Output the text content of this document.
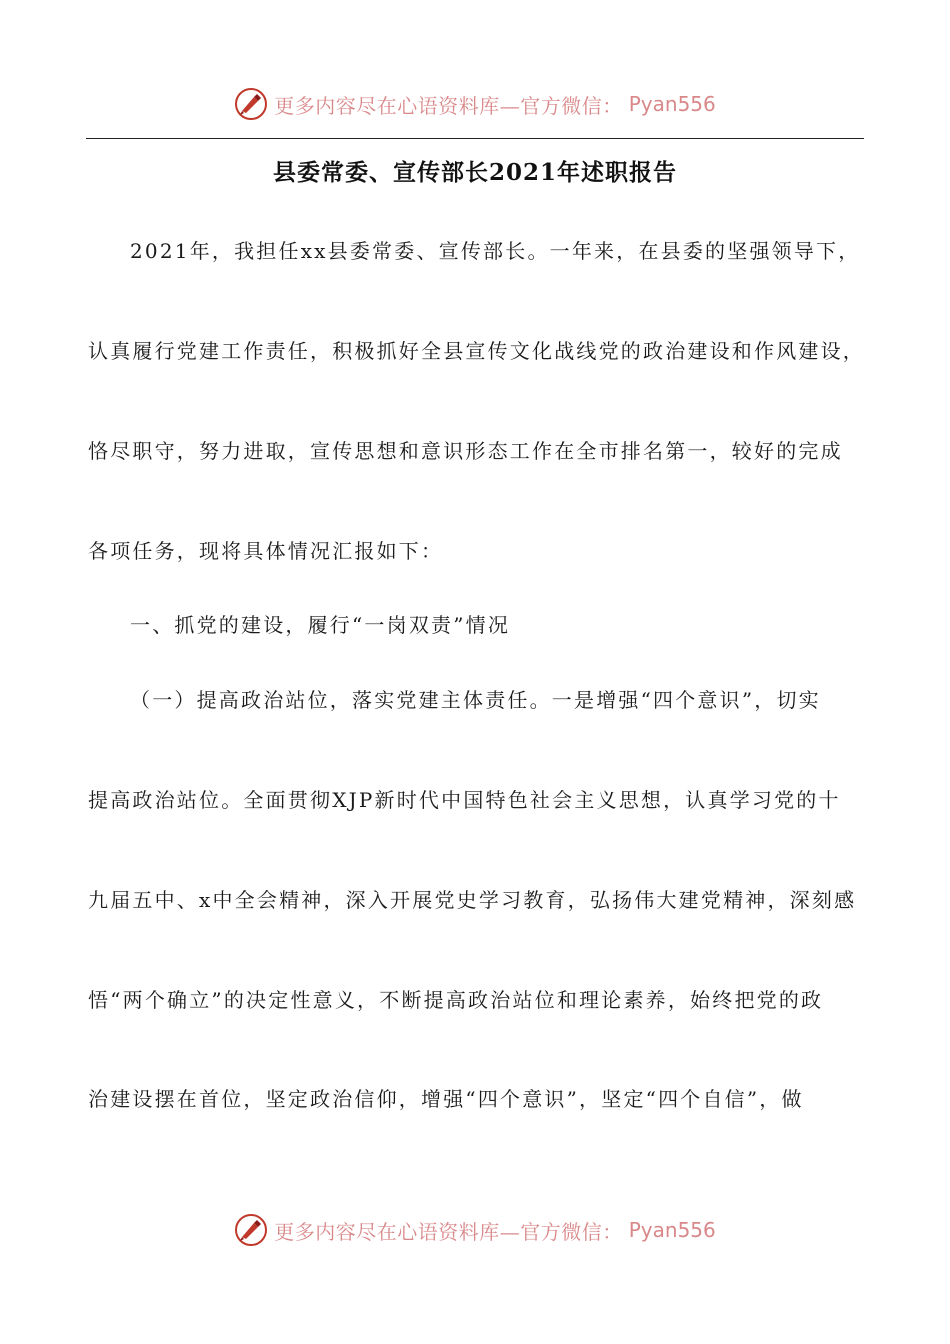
更多内容尽在心语资料库—官方微信： Pyan556
县委常委、宣传部长2021年述职报告
2021年，我担任xx县委常委、宣传部长。一年来，在县委的坚强领导下，
认真履行党建工作责任，积极抓好全县宣传文化战线党的政治建设和作风建设，
恪尽职守，努力进取，宣传思想和意识形态工作在全市排名第一，较好的完成
各项任务，现将具体情况汇报如下：
一、抓党的建设，履行“一岗双责”情况
（一）提高政治站位，落实党建主体责任。一是增强“四个意识”，切实
提高政治站位。全面贯彻XJP新时代中国特色社会主义思想，认真学习党的十
九届五中、x中全会精神，深入开展党史学习教育，弘扬伟大建党精神，深刻感
悟“两个确立”的决定性意义，不断提高政治站位和理论素养，始终把党的政
治建设摆在首位，坚定政治信仰，增强“四个意识”，坚定“四个自信”，做
更多内容尽在心语资料库—官方微信： Pyan556
